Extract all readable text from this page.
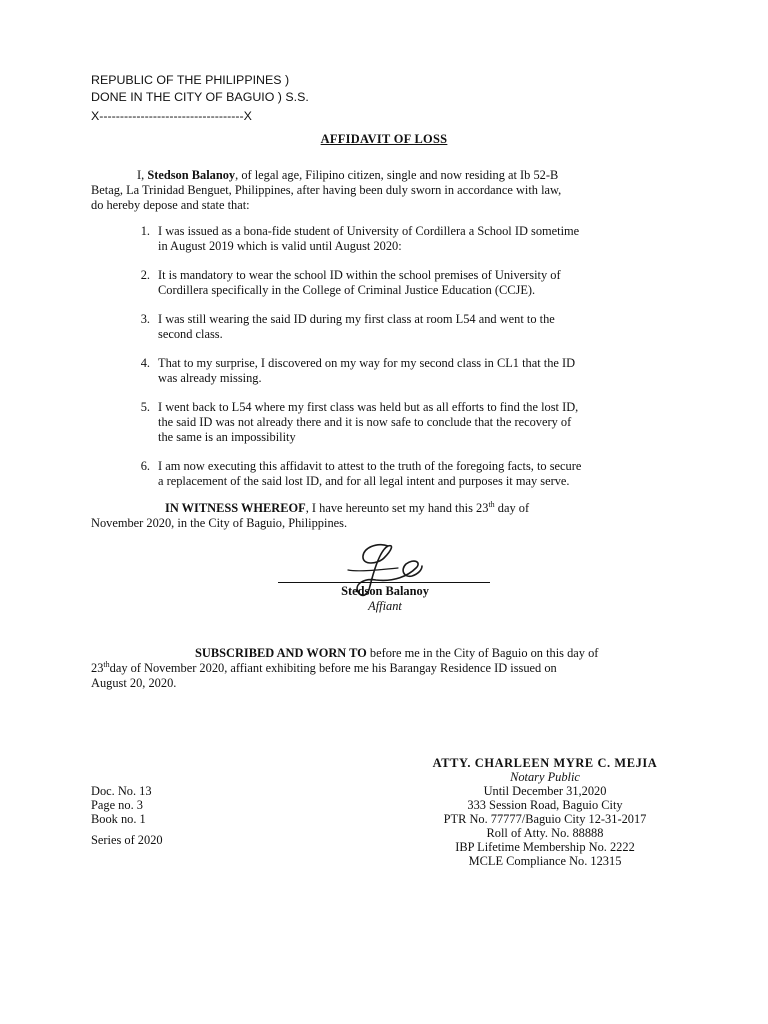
REPUBLIC OF THE PHILIPPINES )
DONE IN THE CITY OF BAGUIO ) S.S.
X-----------------------------------X
AFFIDAVIT OF LOSS
I, Stedson Balanoy, of legal age, Filipino citizen, single and now residing at Ib 52-B
Betag, La Trinidad Benguet, Philippines, after having been duly sworn in accordance with law,
do hereby depose and state that:
1. I was issued as a bona-fide student of University of Cordillera a School ID sometime
in August 2019 which is valid until August 2020:
2. It is mandatory to wear the school ID within the school premises of University of
Cordillera specifically in the College of Criminal Justice Education (CCJE).
3. I was still wearing the said ID during my first class at room L54 and went to the
second class.
4. That to my surprise, I discovered on my way for my second class in CL1 that the ID
was already missing.
5. I went back to L54 where my first class was held but as all efforts to find the lost ID,
the said ID was not already there and it is now safe to conclude that the recovery of
the same is an impossibility
6. I am now executing this affidavit to attest to the truth of the foregoing facts, to secure
a replacement of the said lost ID, and for all legal intent and purposes it may serve.
IN WITNESS WHEREOF, I have hereunto set my hand this 23th day of
November 2020, in the City of Baguio, Philippines.
Stedson Balanoy
Affiant
SUBSCRIBED AND WORN TO before me in the City of Baguio on this day of
23thday of November 2020, affiant exhibiting before me his Barangay Residence ID issued on
August 20, 2020.
ATTY. CHARLEEN MYRE C. MEJIA
Notary Public
Until December 31,2020
333 Session Road, Baguio City
PTR No. 77777/Baguio City 12-31-2017
Roll of Atty. No. 88888
IBP Lifetime Membership No. 2222
MCLE Compliance No. 12315
Doc. No. 13
Page no. 3
Book no. 1
Series of 2020
